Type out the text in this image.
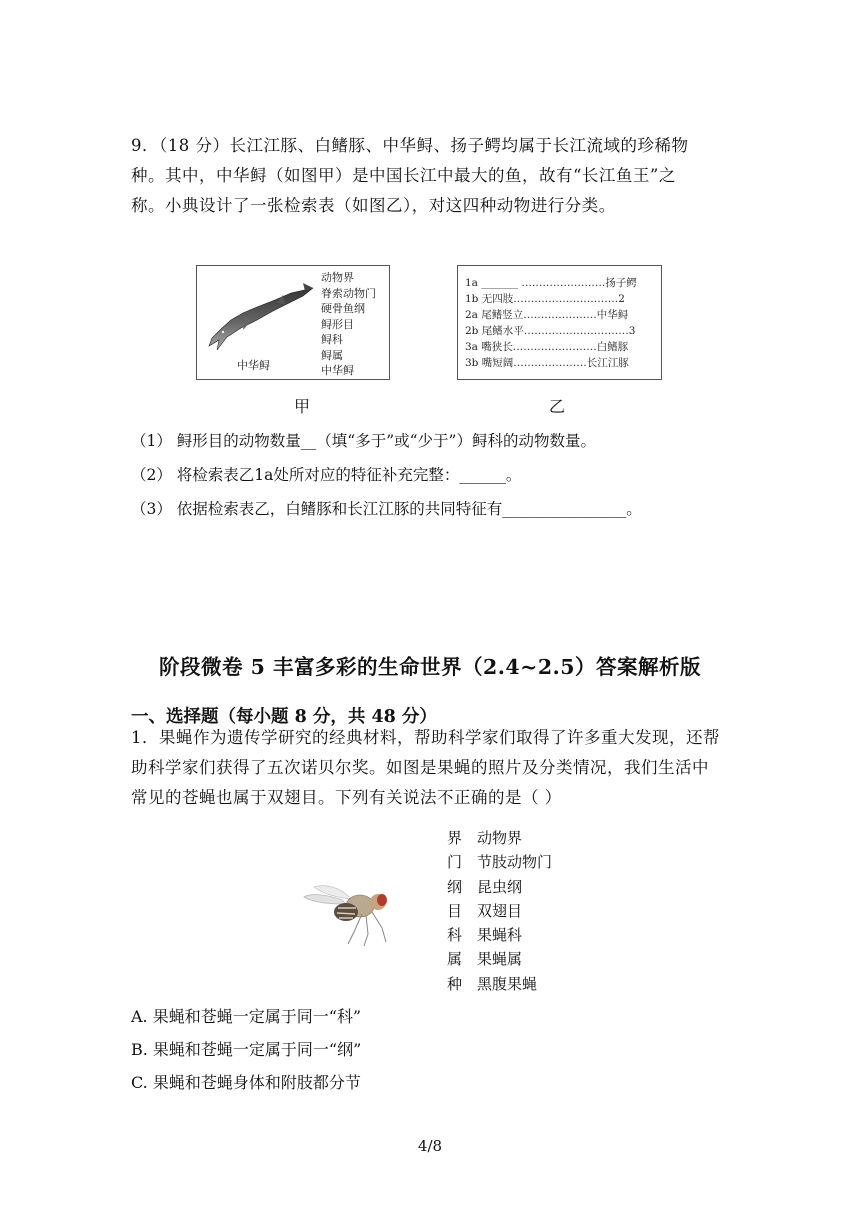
9．（18 分）长江江豚、白鳍豚、中华鲟、扬子鳄均属于长江流域的珍稀物
种。其中，中华鲟（如图甲）是中国长江中最大的鱼，故有“长江鱼王”之
称。小典设计了一张检索表（如图乙），对这四种动物进行分类。
中华鲟
动物界
脊索动物门
硬骨鱼纲
鲟形目
鲟科
鲟属
中华鲟
甲
1a _______ ……………………扬子鳄
1b 无四肢…………………………2
2a 尾鳍竖立…………………中华鲟
2b 尾鳍水平…………………………3
3a 嘴狭长……………………白鳍豚
3b 嘴短阔…………………长江江豚
乙
（1） 鲟形目的动物数量__（填“多于”或“少于”）鲟科的动物数量。
（2） 将检索表乙1a处所对应的特征补充完整：______。
（3） 依据检索表乙，白鳍豚和长江江豚的共同特征有________________。
阶段微卷 5 丰富多彩的生命世界（2.4~2.5）答案解析版
一、选择题（每小题 8 分，共 48 分）
1．果蝇作为遗传学研究的经典材料，帮助科学家们取得了许多重大发现，还帮
助科学家们获得了五次诺贝尔奖。如图是果蝇的照片及分类情况，我们生活中
常见的苍蝇也属于双翅目。下列有关说法不正确的是（ ）
界 动物界
门 节肢动物门
纲 昆虫纲
目 双翅目
科 果蝇科
属 果蝇属
种 黑腹果蝇
A. 果蝇和苍蝇一定属于同一“科”
B. 果蝇和苍蝇一定属于同一“纲”
C. 果蝇和苍蝇身体和附肢都分节
4/8
